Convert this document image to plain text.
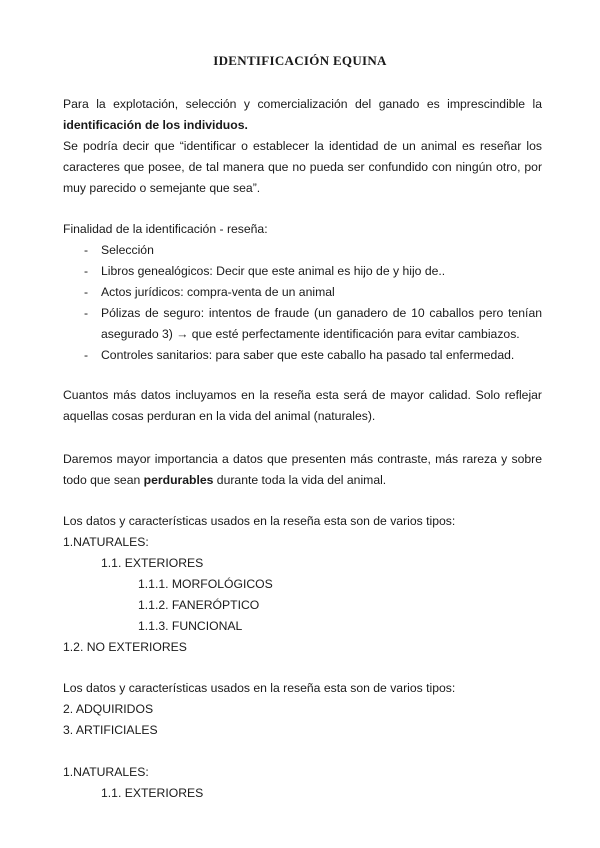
IDENTIFICACIÓN EQUINA
Para la explotación, selección y comercialización del ganado es imprescindible la identificación de los individuos.
Se podría decir que “identificar o establecer la identidad de un animal es reseñar los caracteres que posee, de tal manera que no pueda ser confundido con ningún otro, por muy parecido o semejante que sea”.
Finalidad de la identificación - reseña:
- Selección
- Libros genealógicos: Decir que este animal es hijo de y hijo de..
- Actos jurídicos: compra-venta de un animal
- Pólizas de seguro: intentos de fraude (un ganadero de 10 caballos pero tenían asegurado 3) → que esté perfectamente identificación para evitar cambiazos.
- Controles sanitarios: para saber que este caballo ha pasado tal enfermedad.
Cuantos más datos incluyamos en la reseña esta será de mayor calidad. Solo reflejar aquellas cosas perduran en la vida del animal (naturales).
Daremos mayor importancia a datos que presenten más contraste, más rareza y sobre todo que sean perdurables durante toda la vida del animal.
Los datos y características usados en la reseña esta son de varios tipos:
1.NATURALES:
1.1. EXTERIORES
1.1.1. MORFOLÓGICOS
1.1.2. FANERÓPTICO
1.1.3. FUNCIONAL
1.2. NO EXTERIORES
Los datos y características usados en la reseña esta son de varios tipos:
2. ADQUIRIDOS
3. ARTIFICIALES
1.NATURALES:
1.1. EXTERIORES
